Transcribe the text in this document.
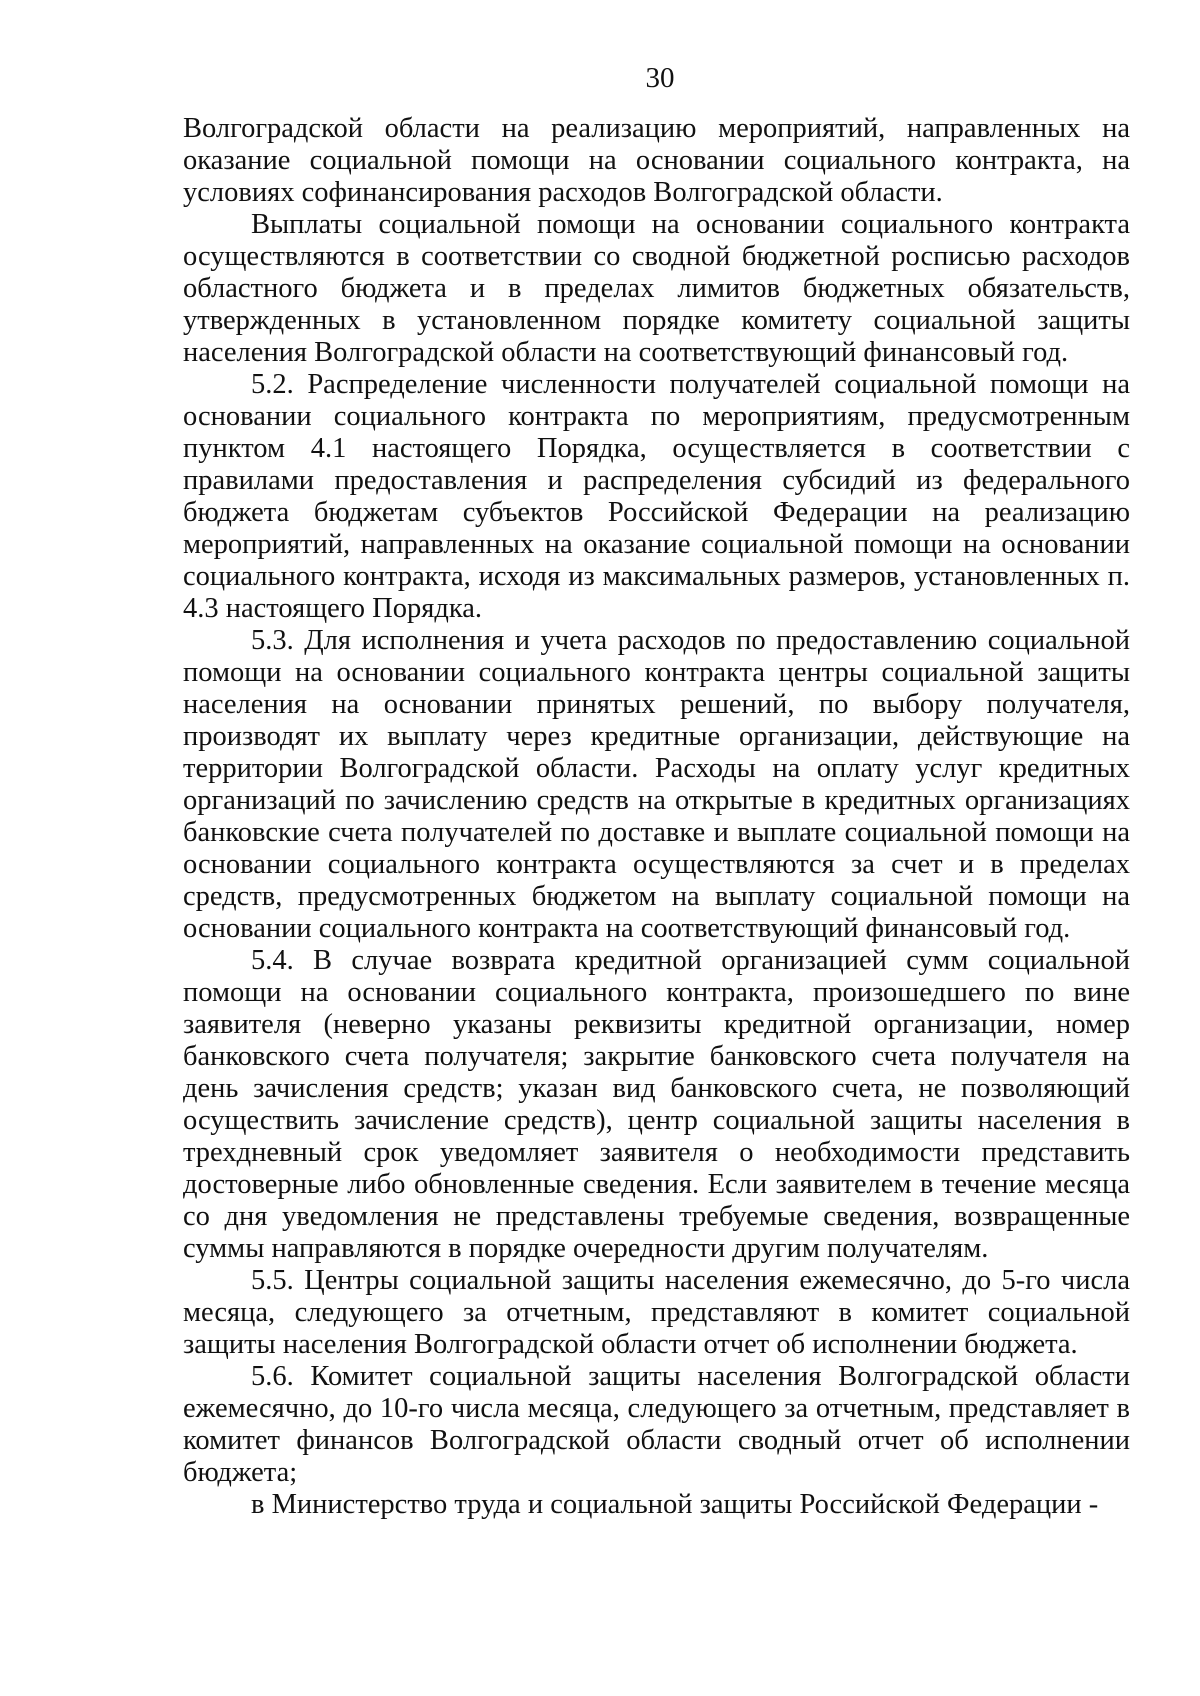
30

Волгоградской области на реализацию мероприятий, направленных на оказание социальной помощи на основании социального контракта, на условиях софинансирования расходов Волгоградской области.

Выплаты социальной помощи на основании социального контракта осуществляются в соответствии со сводной бюджетной росписью расходов областного бюджета и в пределах лимитов бюджетных обязательств, утвержденных в установленном порядке комитету социальной защиты населения Волгоградской области на соответствующий финансовый год.

5.2. Распределение численности получателей социальной помощи на основании социального контракта по мероприятиям, предусмотренным пунктом 4.1 настоящего Порядка, осуществляется в соответствии с правилами предоставления и распределения субсидий из федерального бюджета бюджетам субъектов Российской Федерации на реализацию мероприятий, направленных на оказание социальной помощи на основании социального контракта, исходя из максимальных размеров, установленных п. 4.3 настоящего Порядка.

5.3. Для исполнения и учета расходов по предоставлению социальной помощи на основании социального контракта центры социальной защиты населения на основании принятых решений, по выбору получателя, производят их выплату через кредитные организации, действующие на территории Волгоградской области. Расходы на оплату услуг кредитных организаций по зачислению средств на открытые в кредитных организациях банковские счета получателей по доставке и выплате социальной помощи на основании социального контракта осуществляются за счет и в пределах средств, предусмотренных бюджетом на выплату социальной помощи на основании социального контракта на соответствующий финансовый год.

5.4. В случае возврата кредитной организацией сумм социальной помощи на основании социального контракта, произошедшего по вине заявителя (неверно указаны реквизиты кредитной организации, номер банковского счета получателя; закрытие банковского счета получателя на день зачисления средств; указан вид банковского счета, не позволяющий осуществить зачисление средств), центр социальной защиты населения в трехдневный срок уведомляет заявителя о необходимости представить достоверные либо обновленные сведения. Если заявителем в течение месяца со дня уведомления не представлены требуемые сведения, возвращенные суммы направляются в порядке очередности другим получателям.

5.5. Центры социальной защиты населения ежемесячно, до 5-го числа месяца, следующего за отчетным, представляют в комитет социальной защиты населения Волгоградской области отчет об исполнении бюджета.

5.6. Комитет социальной защиты населения Волгоградской области ежемесячно, до 10-го числа месяца, следующего за отчетным, представляет в комитет финансов Волгоградской области сводный отчет об исполнении бюджета;

в Министерство труда и социальной защиты Российской Федерации -
